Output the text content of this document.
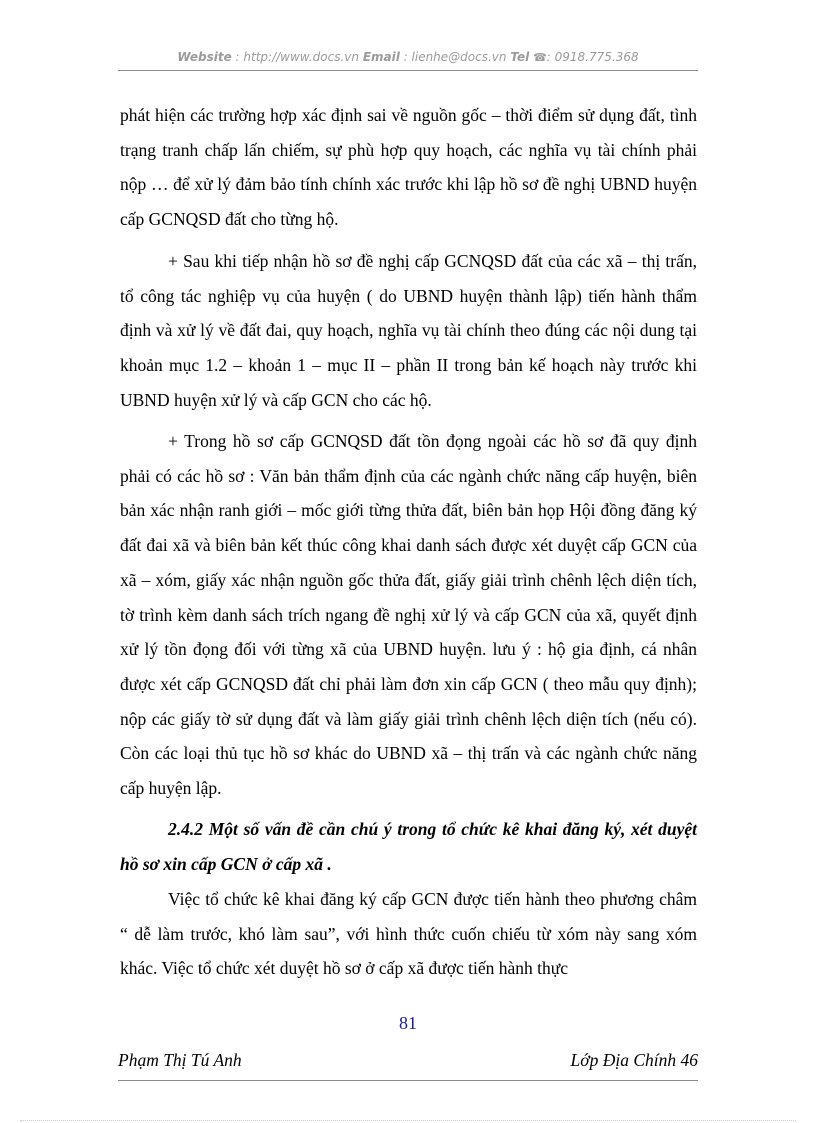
Website : http://www.docs.vn Email : lienhe@docs.vn Tel ☎: 0918.775.368

phát hiện các trường hợp xác định sai về nguồn gốc – thời điểm sử dụng đất, tình trạng tranh chấp lấn chiếm, sự phù hợp quy hoạch, các nghĩa vụ tài chính phải nộp … để xử lý đảm bảo tính chính xác trước khi lập hồ sơ đề nghị UBND huyện cấp GCNQSD đất cho từng hộ.

+ Sau khi tiếp nhận hồ sơ đề nghị cấp GCNQSD đất của các xã – thị trấn, tổ công tác nghiệp vụ của huyện ( do UBND huyện thành lập) tiến hành thẩm định và xử lý về đất đai, quy hoạch, nghĩa vụ tài chính theo đúng các nội dung tại khoản mục 1.2 – khoản 1 – mục II – phần II trong bản kế hoạch này trước khi UBND huyện xử lý và cấp GCN cho các hộ.

+ Trong hồ sơ cấp GCNQSD đất tồn đọng ngoài các hồ sơ đã quy định phải có các hồ sơ : Văn bản thẩm định của các ngành chức năng cấp huyện, biên bản xác nhận ranh giới – mốc giới từng thửa đất, biên bản họp Hội đồng đăng ký đất đai xã và biên bản kết thúc công khai danh sách được xét duyệt cấp GCN của xã – xóm, giấy xác nhận nguồn gốc thửa đất, giấy giải trình chênh lệch diện tích, tờ trình kèm danh sách trích ngang đề nghị xử lý và cấp GCN của xã, quyết định xử lý tồn đọng đối với từng xã của UBND huyện. lưu ý : hộ gia định, cá nhân được xét cấp GCNQSD đất chỉ phải làm đơn xin cấp GCN ( theo mẫu quy định); nộp các giấy tờ sử dụng đất và làm giấy giải trình chênh lệch diện tích (nếu có). Còn các loại thủ tục hồ sơ khác do UBND xã – thị trấn và các ngành chức năng cấp huyện lập.

2.4.2 Một số vấn đề cần chú ý trong tổ chức kê khai đăng ký, xét duyệt hồ sơ xin cấp GCN ở cấp xã .

Việc tổ chức kê khai đăng ký cấp GCN được tiến hành theo phương châm “ dễ làm trước, khó làm sau”, với hình thức cuốn chiếu từ xóm này sang xóm khác. Việc tổ chức xét duyệt hồ sơ ở cấp xã được tiến hành thực

81
Phạm Thị Tú Anh	Lớp Địa Chính 46
